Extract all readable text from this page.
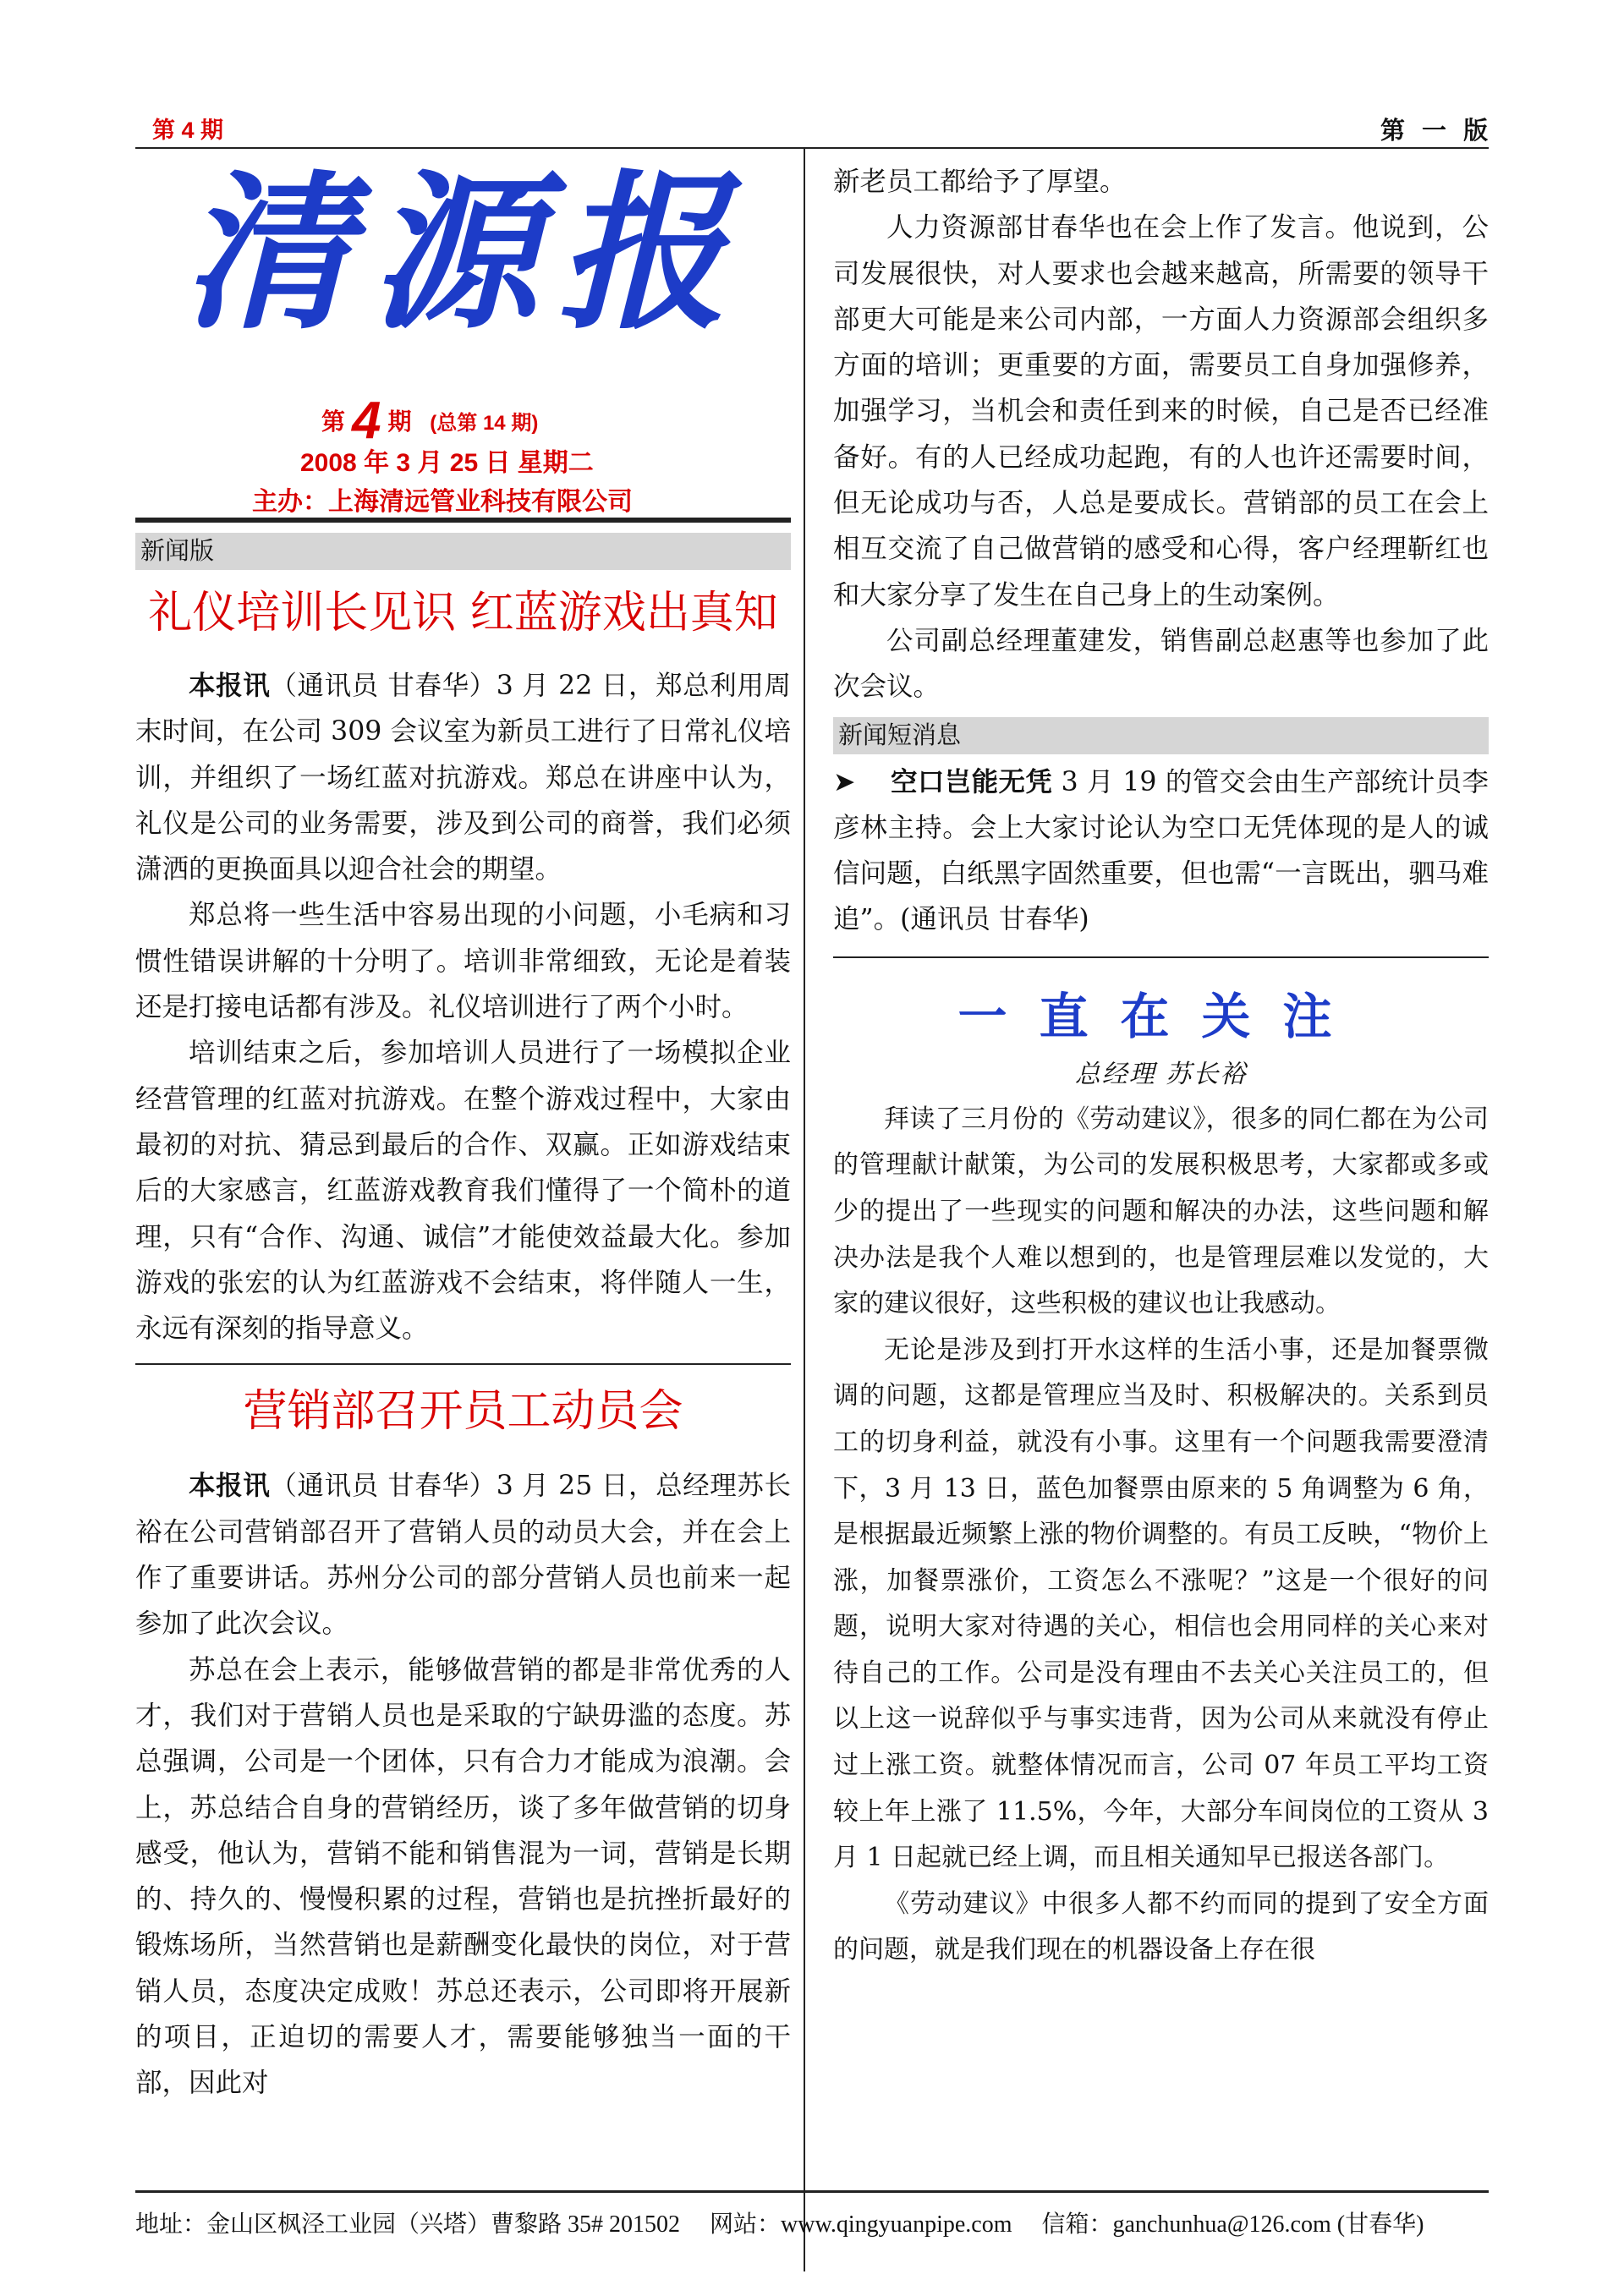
第 4 期	第 一 版
清源报
第 4 期 (总第 14 期)
2008 年 3 月 25 日 星期二
主办：上海清远管业科技有限公司
新闻版
礼仪培训长见识 红蓝游戏出真知

本报讯（通讯员 甘春华）3 月 22 日，郑总利用周末时间，在公司 309 会议室为新员工进行了日常礼仪培训，并组织了一场红蓝对抗游戏。郑总在讲座中认为，礼仪是公司的业务需要，涉及到公司的商誉，我们必须潇洒的更换面具以迎合社会的期望。

郑总将一些生活中容易出现的小问题，小毛病和习惯性错误讲解的十分明了。培训非常细致，无论是着装还是打接电话都有涉及。礼仪培训进行了两个小时。

培训结束之后，参加培训人员进行了一场模拟企业经营管理的红蓝对抗游戏。在整个游戏过程中，大家由最初的对抗、猜忌到最后的合作、双赢。正如游戏结束后的大家感言，红蓝游戏教育我们懂得了一个简朴的道理，只有“合作、沟通、诚信”才能使效益最大化。参加游戏的张宏的认为红蓝游戏不会结束，将伴随人一生，永远有深刻的指导意义。

营销部召开员工动员会

本报讯（通讯员 甘春华）3 月 25 日，总经理苏长裕在公司营销部召开了营销人员的动员大会，并在会上作了重要讲话。苏州分公司的部分营销人员也前来一起参加了此次会议。

苏总在会上表示，能够做营销的都是非常优秀的人才，我们对于营销人员也是采取的宁缺毋滥的态度。苏总强调，公司是一个团体，只有合力才能成为浪潮。会上，苏总结合自身的营销经历，谈了多年做营销的切身感受，他认为，营销不能和销售混为一词，营销是长期的、持久的、慢慢积累的过程，营销也是抗挫折最好的锻炼场所，当然营销也是薪酬变化最快的岗位，对于营销人员，态度决定成败！苏总还表示，公司即将开展新的项目，正迫切的需要人才，需要能够独当一面的干部，因此对

新老员工都给予了厚望。

人力资源部甘春华也在会上作了发言。他说到，公司发展很快，对人要求也会越来越高，所需要的领导干部更大可能是来公司内部，一方面人力资源部会组织多方面的培训；更重要的方面，需要员工自身加强修养，加强学习，当机会和责任到来的时候，自己是否已经准备好。有的人已经成功起跑，有的人也许还需要时间，但无论成功与否，人总是要成长。营销部的员工在会上相互交流了自己做营销的感受和心得，客户经理靳红也和大家分享了发生在自己身上的生动案例。

公司副总经理董建发，销售副总赵惠等也参加了此次会议。

新闻短消息

➤ 空口岂能无凭 3 月 19 的管交会由生产部统计员李彦林主持。会上大家讨论认为空口无凭体现的是人的诚信问题，白纸黑字固然重要，但也需“一言既出，驷马难追”。(通讯员 甘春华)

一直在关注
总经理 苏长裕

拜读了三月份的《劳动建议》，很多的同仁都在为公司的管理献计献策，为公司的发展积极思考，大家都或多或少的提出了一些现实的问题和解决的办法，这些问题和解决办法是我个人难以想到的，也是管理层难以发觉的，大家的建议很好，这些积极的建议也让我感动。

无论是涉及到打开水这样的生活小事，还是加餐票微调的问题，这都是管理应当及时、积极解决的。关系到员工的切身利益，就没有小事。这里有一个问题我需要澄清下，3 月 13 日，蓝色加餐票由原来的 5 角调整为 6 角，是根据最近频繁上涨的物价调整的。有员工反映，“物价上涨，加餐票涨价，工资怎么不涨呢？”这是一个很好的问题，说明大家对待遇的关心，相信也会用同样的关心来对待自己的工作。公司是没有理由不去关心关注员工的，但以上这一说辞似乎与事实违背，因为公司从来就没有停止过上涨工资。就整体情况而言，公司 07 年员工平均工资较上年上涨了 11.5%，今年，大部分车间岗位的工资从 3 月 1 日起就已经上调，而且相关通知早已报送各部门。

《劳动建议》中很多人都不约而同的提到了安全方面的问题，就是我们现在的机器设备上存在很

地址：金山区枫泾工业园（兴塔）曹黎路 35# 201502 网站：www.qingyuanpipe.com 信箱：ganchunhua@126.com (甘春华)
